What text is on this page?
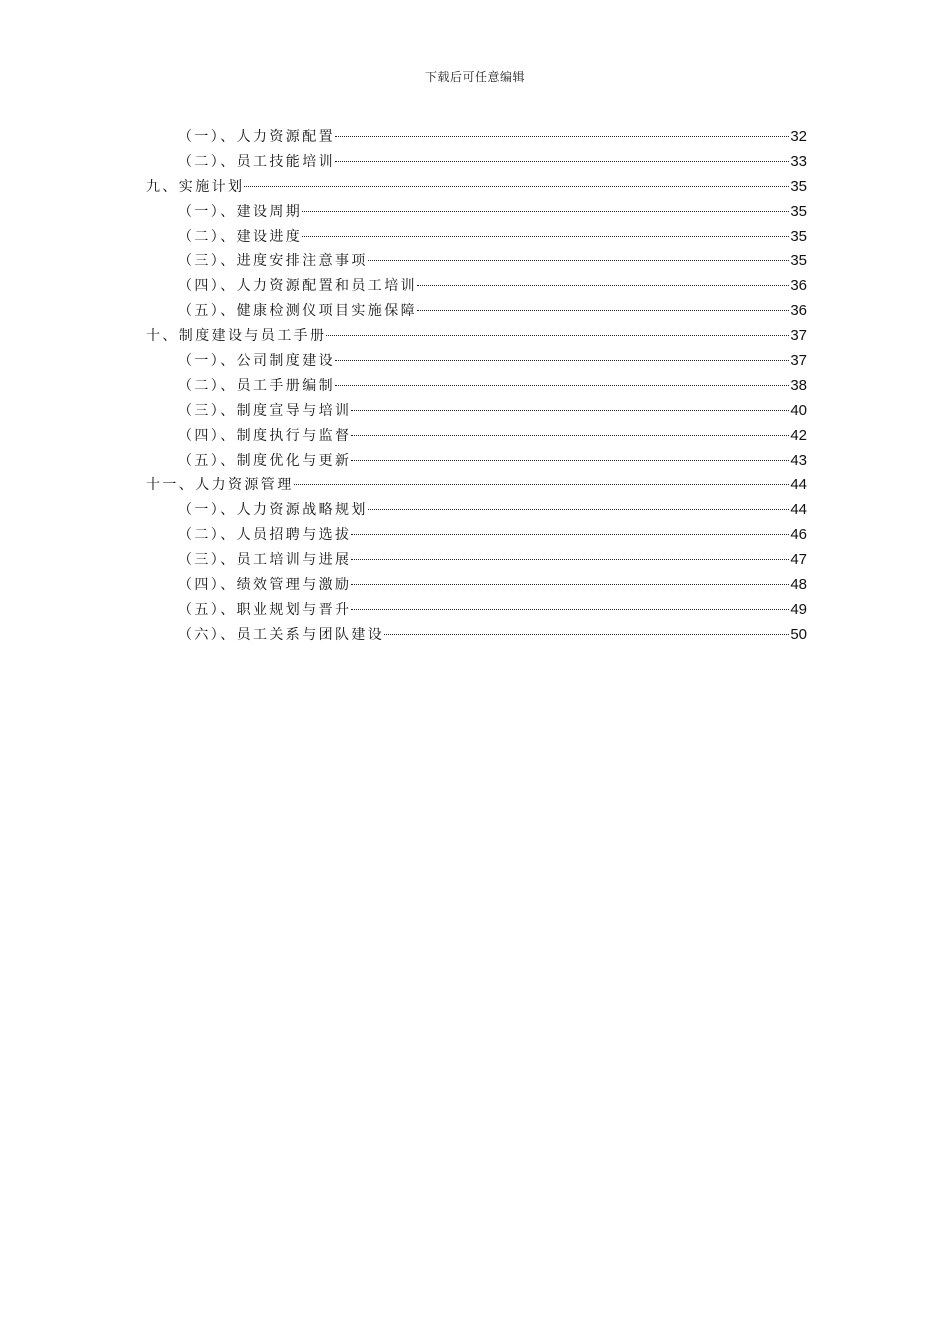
下载后可任意编辑
（一）、人力资源配置	32
（二）、员工技能培训	33
九、实施计划	35
（一）、建设周期	35
（二）、建设进度	35
（三）、进度安排注意事项	35
（四）、人力资源配置和员工培训	36
（五）、健康检测仪项目实施保障	36
十、制度建设与员工手册	37
（一）、公司制度建设	37
（二）、员工手册编制	38
（三）、制度宣导与培训	40
（四）、制度执行与监督	42
（五）、制度优化与更新	43
十一、人力资源管理	44
（一）、人力资源战略规划	44
（二）、人员招聘与选拔	46
（三）、员工培训与进展	47
（四）、绩效管理与激励	48
（五）、职业规划与晋升	49
（六）、员工关系与团队建设	50
